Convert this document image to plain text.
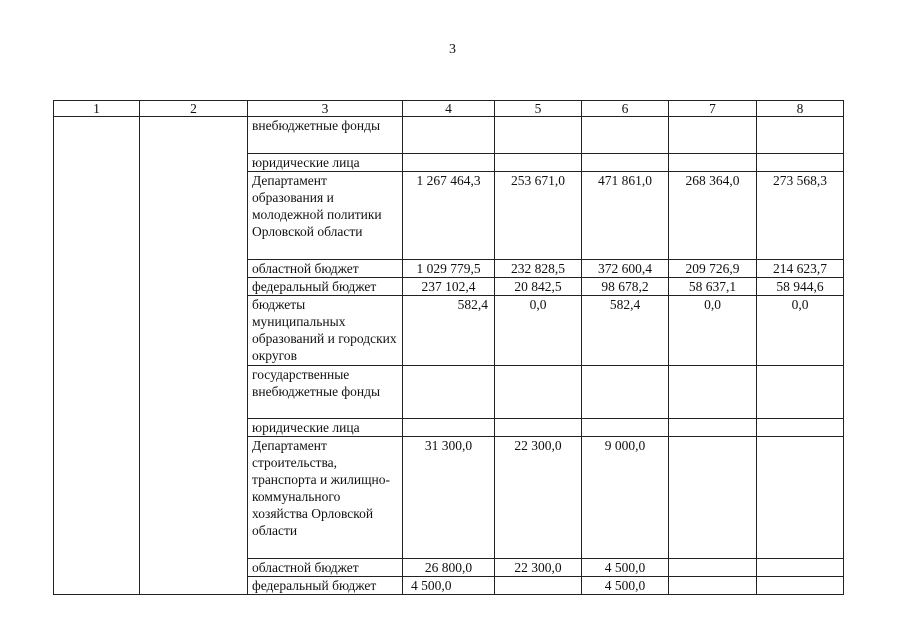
3
1	2	3	4	5	6	7	8
		внебюджетные фонды					
		юридические лица					
		Департамент образования и молодежной политики Орловской области	1 267 464,3	253 671,0	471 861,0	268 364,0	273 568,3
		областной бюджет	1 029 779,5	232 828,5	372 600,4	209 726,9	214 623,7
		федеральный бюджет	237 102,4	20 842,5	98 678,2	58 637,1	58 944,6
		бюджеты муниципальных образований и городских округов	582,4	0,0	582,4	0,0	0,0
		государственные внебюджетные фонды					
		юридические лица					
		Департамент строительства, транспорта и жилищно-коммунального хозяйства Орловской области	31 300,0	22 300,0	9 000,0		
		областной бюджет	26 800,0	22 300,0	4 500,0		
		федеральный бюджет	4 500,0		4 500,0		
